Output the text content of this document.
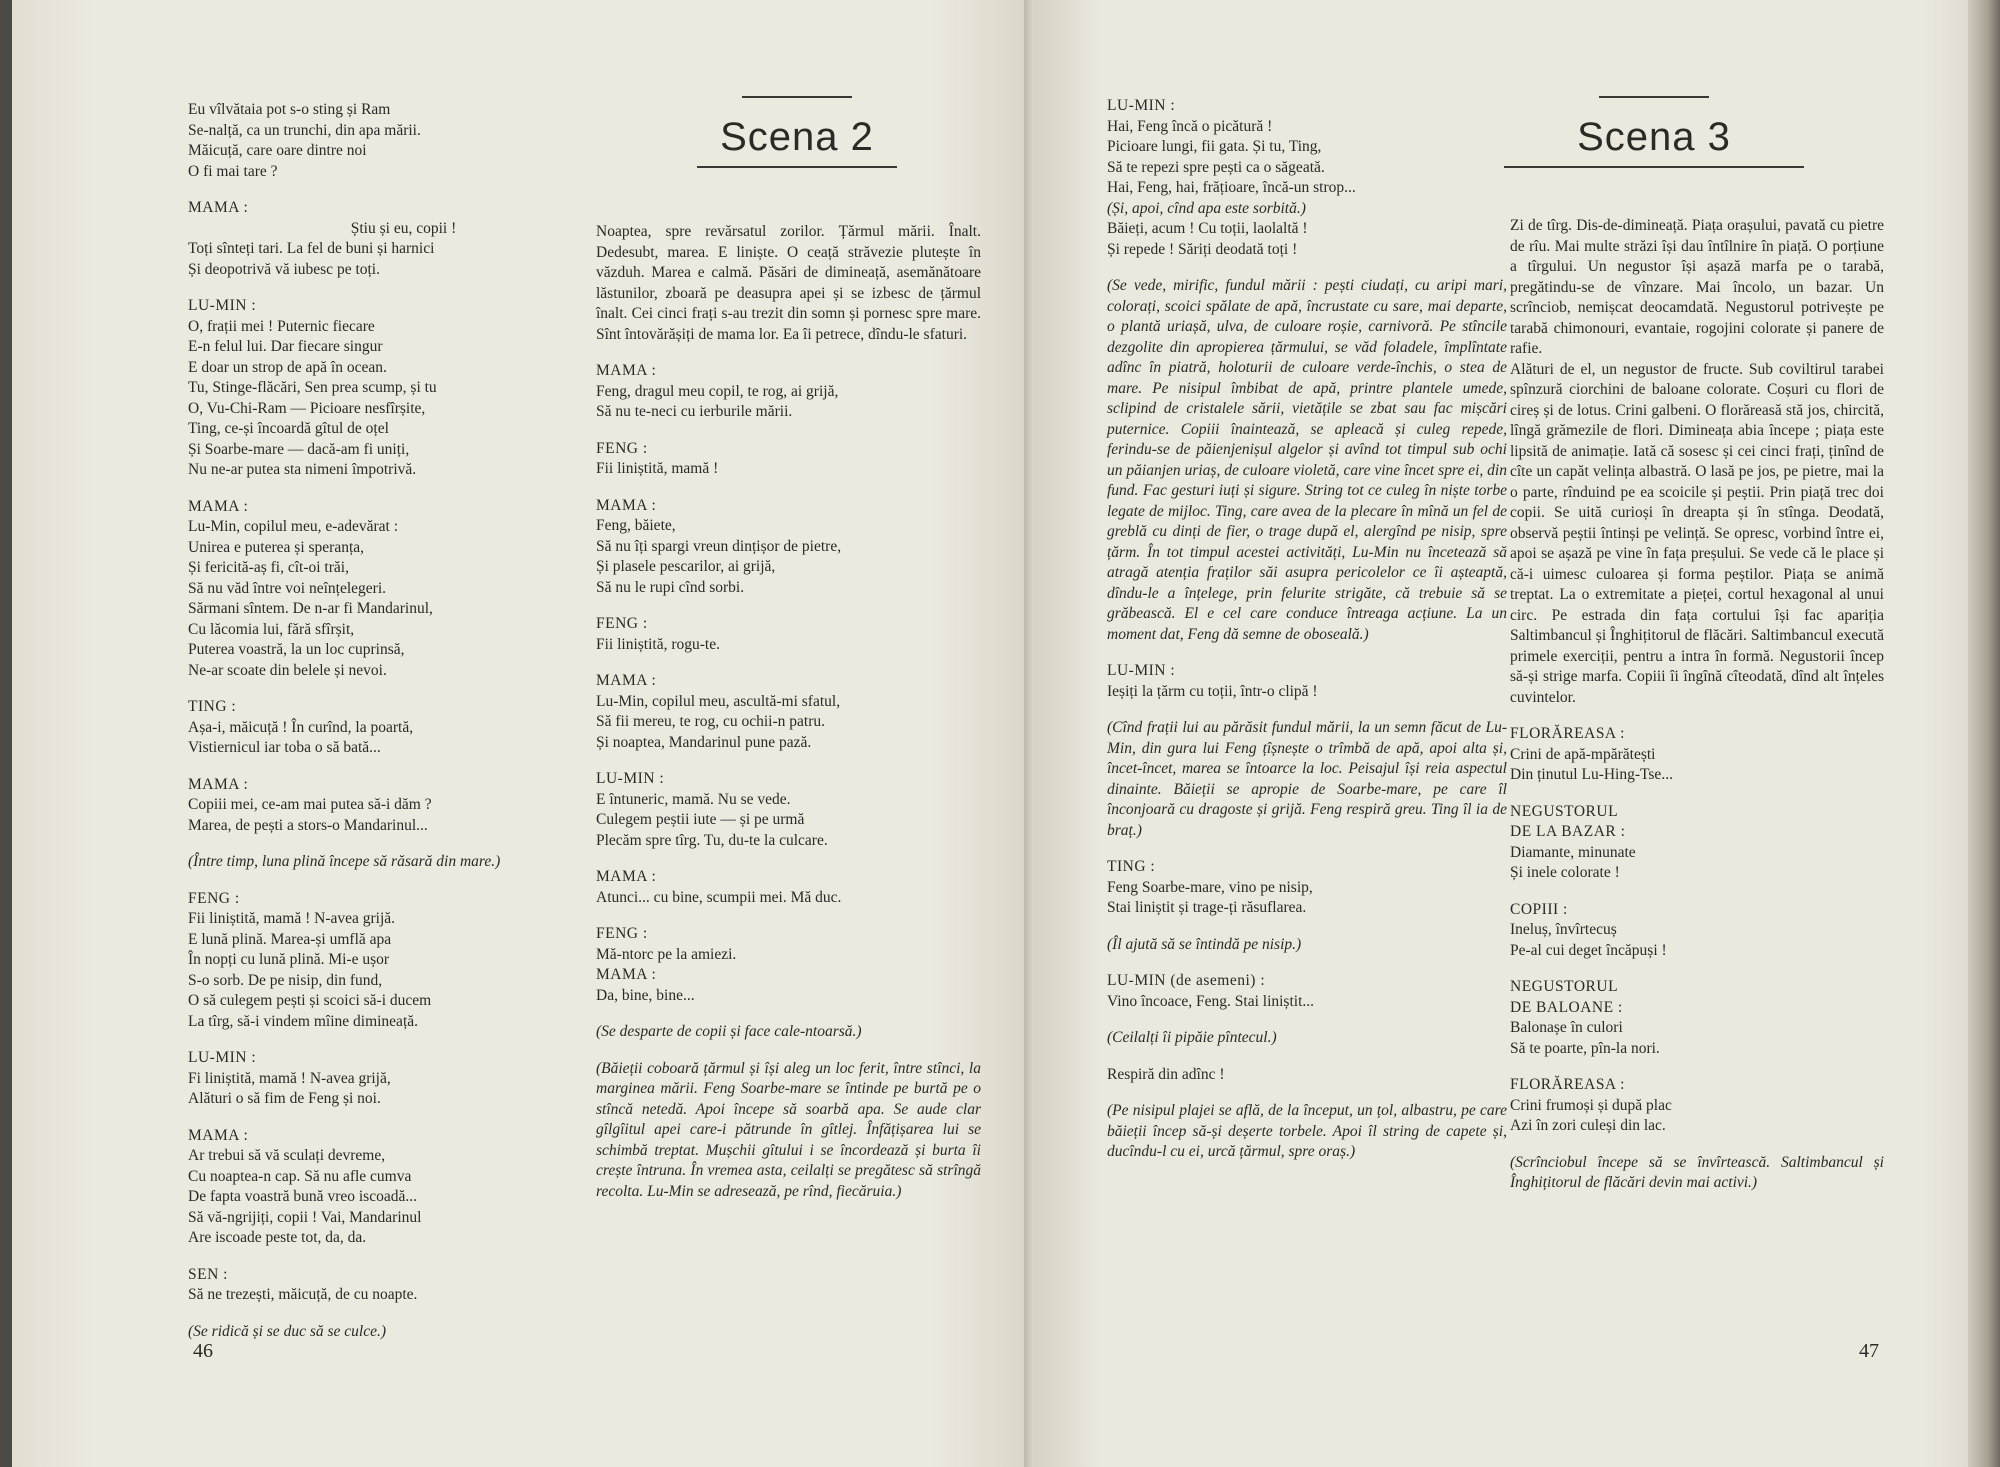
Eu vîlvătaia pot s-o sting și Ram

Se-nalță, ca un trunchi, din apa mării.

Măicuță, care oare dintre noi

O fi mai tare ?

MAMA :

Știu și eu, copii !

Toți sînteți tari. La fel de buni și harnici

Și deopotrivă vă iubesc pe toți.

LU-MIN :

O, frații mei ! Puternic fiecare

E-n felul lui. Dar fiecare singur

E doar un strop de apă în ocean.

Tu, Stinge-flăcări, Sen prea scump, și tu

O, Vu-Chi-Ram — Picioare nesfîrșite,

Ting, ce-și încoardă gîtul de oțel

Și Soarbe-mare — dacă-am fi uniți,

Nu ne-ar putea sta nimeni împotrivă.

MAMA :

Lu-Min, copilul meu, e-adevărat :

Unirea e puterea și speranța,

Și fericită-aș fi, cît-oi trăi,

Să nu văd între voi neînțelegeri.

Sărmani sîntem. De n-ar fi Mandarinul,

Cu lăcomia lui, fără sfîrșit,

Puterea voastră, la un loc cuprinsă,

Ne-ar scoate din belele și nevoi.

TING :

Așa-i, măicuță ! În curînd, la poartă,

Vistiernicul iar toba o să bată...

MAMA :

Copiii mei, ce-am mai putea să-i dăm ?

Marea, de pești a stors-o Mandarinul...

(Între timp, luna plină începe să răsară din mare.)

FENG :

Fii liniștită, mamă ! N-avea grijă.

E lună plină. Marea-și umflă apa

În nopți cu lună plină. Mi-e ușor

S-o sorb. De pe nisip, din fund,

O să culegem pești și scoici să-i ducem

La tîrg, să-i vindem mîine dimineață.

LU-MIN :

Fi liniștită, mamă ! N-avea grijă,

Alături o să fim de Feng și noi.

MAMA :

Ar trebui să vă sculați devreme,

Cu noaptea-n cap. Să nu afle cumva

De fapta voastră bună vreo iscoadă...

Să vă-ngrijiți, copii ! Vai, Mandarinul

Are iscoade peste tot, da, da.

SEN :

Să ne trezești, măicuță, de cu noapte.

(Se ridică și se duc să se culce.)

Scena 2

Noaptea, spre revărsatul zorilor. Țărmul mării. Înalt. Dedesubt, marea. E liniște. O ceață străvezie plutește în văzduh. Marea e calmă. Păsări de dimineață, asemănătoare lăstunilor, zboară pe deasupra apei și se izbesc de țărmul înalt. Cei cinci frați s-au trezit din somn și pornesc spre mare. Sînt întovărășiți de mama lor. Ea îi petrece, dîndu-le sfaturi.

MAMA :

Feng, dragul meu copil, te rog, ai grijă,

Să nu te-neci cu ierburile mării.

FENG :

Fii liniștită, mamă !

MAMA :

Feng, băiete,

Să nu îți spargi vreun dințișor de pietre,

Și plasele pescarilor, ai grijă,

Să nu le rupi cînd sorbi.

FENG :

Fii liniștită, rogu-te.

MAMA :

Lu-Min, copilul meu, ascultă-mi sfatul,

Să fii mereu, te rog, cu ochii-n patru.

Și noaptea, Mandarinul pune pază.

LU-MIN :

E întuneric, mamă. Nu se vede.

Culegem peștii iute — și pe urmă

Plecăm spre tîrg. Tu, du-te la culcare.

MAMA :

Atunci... cu bine, scumpii mei. Mă duc.

FENG :

Mă-ntorc pe la amiezi.

MAMA :

Da, bine, bine...

(Se desparte de copii și face cale-ntoarsă.)

(Băieții coboară țărmul și își aleg un loc ferit, între stînci, la marginea mării. Feng Soarbe-mare se întinde pe burtă pe o stîncă netedă. Apoi începe să soarbă apa. Se aude clar gîlgîitul apei care-i pătrunde în gîtlej. Înfățișarea lui se schimbă treptat. Mușchii gîtului i se încordează și burta îi crește întruna. În vremea asta, ceilalți se pregătesc să strîngă recolta. Lu-Min se adresează, pe rînd, fiecăruia.)

46

LU-MIN :

Hai, Feng încă o picătură !

Picioare lungi, fii gata. Și tu, Ting,

Să te repezi spre pești ca o săgeată.

Hai, Feng, hai, frățioare, încă-un strop...

(Și, apoi, cînd apa este sorbită.)

Băieți, acum ! Cu toții, laolaltă !

Și repede ! Săriți deodată toți !

(Se vede, mirific, fundul mării : pești ciudați, cu aripi mari, colorați, scoici spălate de apă, încrustate cu sare, mai departe, o plantă uriașă, ulva, de culoare roșie, carnivoră. Pe stîncile dezgolite din apropierea țărmului, se văd foladele, împlîntate adînc în piatră, holoturii de culoare verde-închis, o stea de mare. Pe nisipul îmbibat de apă, printre plantele umede, sclipind de cristalele sării, vietățile se zbat sau fac mișcări puternice. Copiii înaintează, se apleacă și culeg repede, ferindu-se de păienjenișul algelor și avînd tot timpul sub ochi un păianjen uriaș, de culoare violetă, care vine încet spre ei, din fund. Fac gesturi iuți și sigure. String tot ce culeg în niște torbe legate de mijloc. Ting, care avea de la plecare în mînă un fel de greblă cu dinți de fier, o trage după el, alergînd pe nisip, spre țărm. În tot timpul acestei activități, Lu-Min nu încetează să atragă atenția fraților săi asupra pericolelor ce îi așteaptă, dîndu-le a înțelege, prin felurite strigăte, că trebuie să se grăbească. El e cel care conduce întreaga acțiune. La un moment dat, Feng dă semne de oboseală.)

LU-MIN :

Ieșiți la țărm cu toții, într-o clipă !

(Cînd frații lui au părăsit fundul mării, la un semn făcut de Lu-Min, din gura lui Feng țîșnește o trîmbă de apă, apoi alta și, încet-încet, marea se întoarce la loc. Peisajul își reia aspectul dinainte. Băieții se apropie de Soarbe-mare, pe care îl înconjoară cu dragoste și grijă. Feng respiră greu. Ting îl ia de braț.)

TING :

Feng Soarbe-mare, vino pe nisip,

Stai liniștit și trage-ți răsuflarea.

(Îl ajută să se întindă pe nisip.)

LU-MIN (de asemeni) :

Vino încoace, Feng. Stai liniștit...

(Ceilalți îi pipăie pîntecul.)

Respiră din adînc !

(Pe nisipul plajei se află, de la început, un țol, albastru, pe care băieții încep să-și deșerte torbele. Apoi îl string de capete și, ducîndu-l cu ei, urcă țărmul, spre oraș.)

Scena 3

Zi de tîrg. Dis-de-dimineață. Piața orașului, pavată cu pietre de rîu. Mai multe străzi își dau întîlnire în piață. O porțiune a tîrgului. Un negustor își așază marfa pe o tarabă, pregătindu-se de vînzare. Mai încolo, un bazar. Un scrînciob, nemișcat deocamdată. Negustorul potrivește pe tarabă chimonouri, evantaie, rogojini colorate și panere de rafie.

Alături de el, un negustor de fructe. Sub coviltirul tarabei spînzură ciorchini de baloane colorate. Coșuri cu flori de cireș și de lotus. Crini galbeni. O florăreasă stă jos, chircită, lîngă grămezile de flori. Dimineața abia începe ; piața este lipsită de animație. Iată că sosesc și cei cinci frați, ținînd de cîte un capăt velința albastră. O lasă pe jos, pe pietre, mai la o parte, rînduind pe ea scoicile și peștii. Prin piață trec doi copii. Se uită curioși în dreapta și în stînga. Deodată, observă peștii întinși pe velință. Se opresc, vorbind între ei, apoi se așază pe vine în fața preșului. Se vede că le place și că-i uimesc culoarea și forma peștilor. Piața se animă treptat. La o extremitate a pieței, cortul hexagonal al unui circ. Pe estrada din fața cortului își fac apariția Saltimbancul și Înghițitorul de flăcări. Saltimbancul execută primele exerciții, pentru a intra în formă. Negustorii încep să-și strige marfa. Copiii îi îngînă cîteodată, dînd alt înțeles cuvintelor.

FLORĂREASA :

Crini de apă-mpărătești

Din ținutul Lu-Hing-Tse...

NEGUSTORUL

DE LA BAZAR :

Diamante, minunate

Și inele colorate !

COPIII :

Ineluș, învîrtecuș

Pe-al cui deget încăpuși !

NEGUSTORUL

DE BALOANE :

Balonașe în culori

Să te poarte, pîn-la nori.

FLORĂREASA :

Crini frumoși și după plac

Azi în zori culeși din lac.

(Scrînciobul începe să se învîrtească. Saltimbancul și Înghițitorul de flăcări devin mai activi.)

47
